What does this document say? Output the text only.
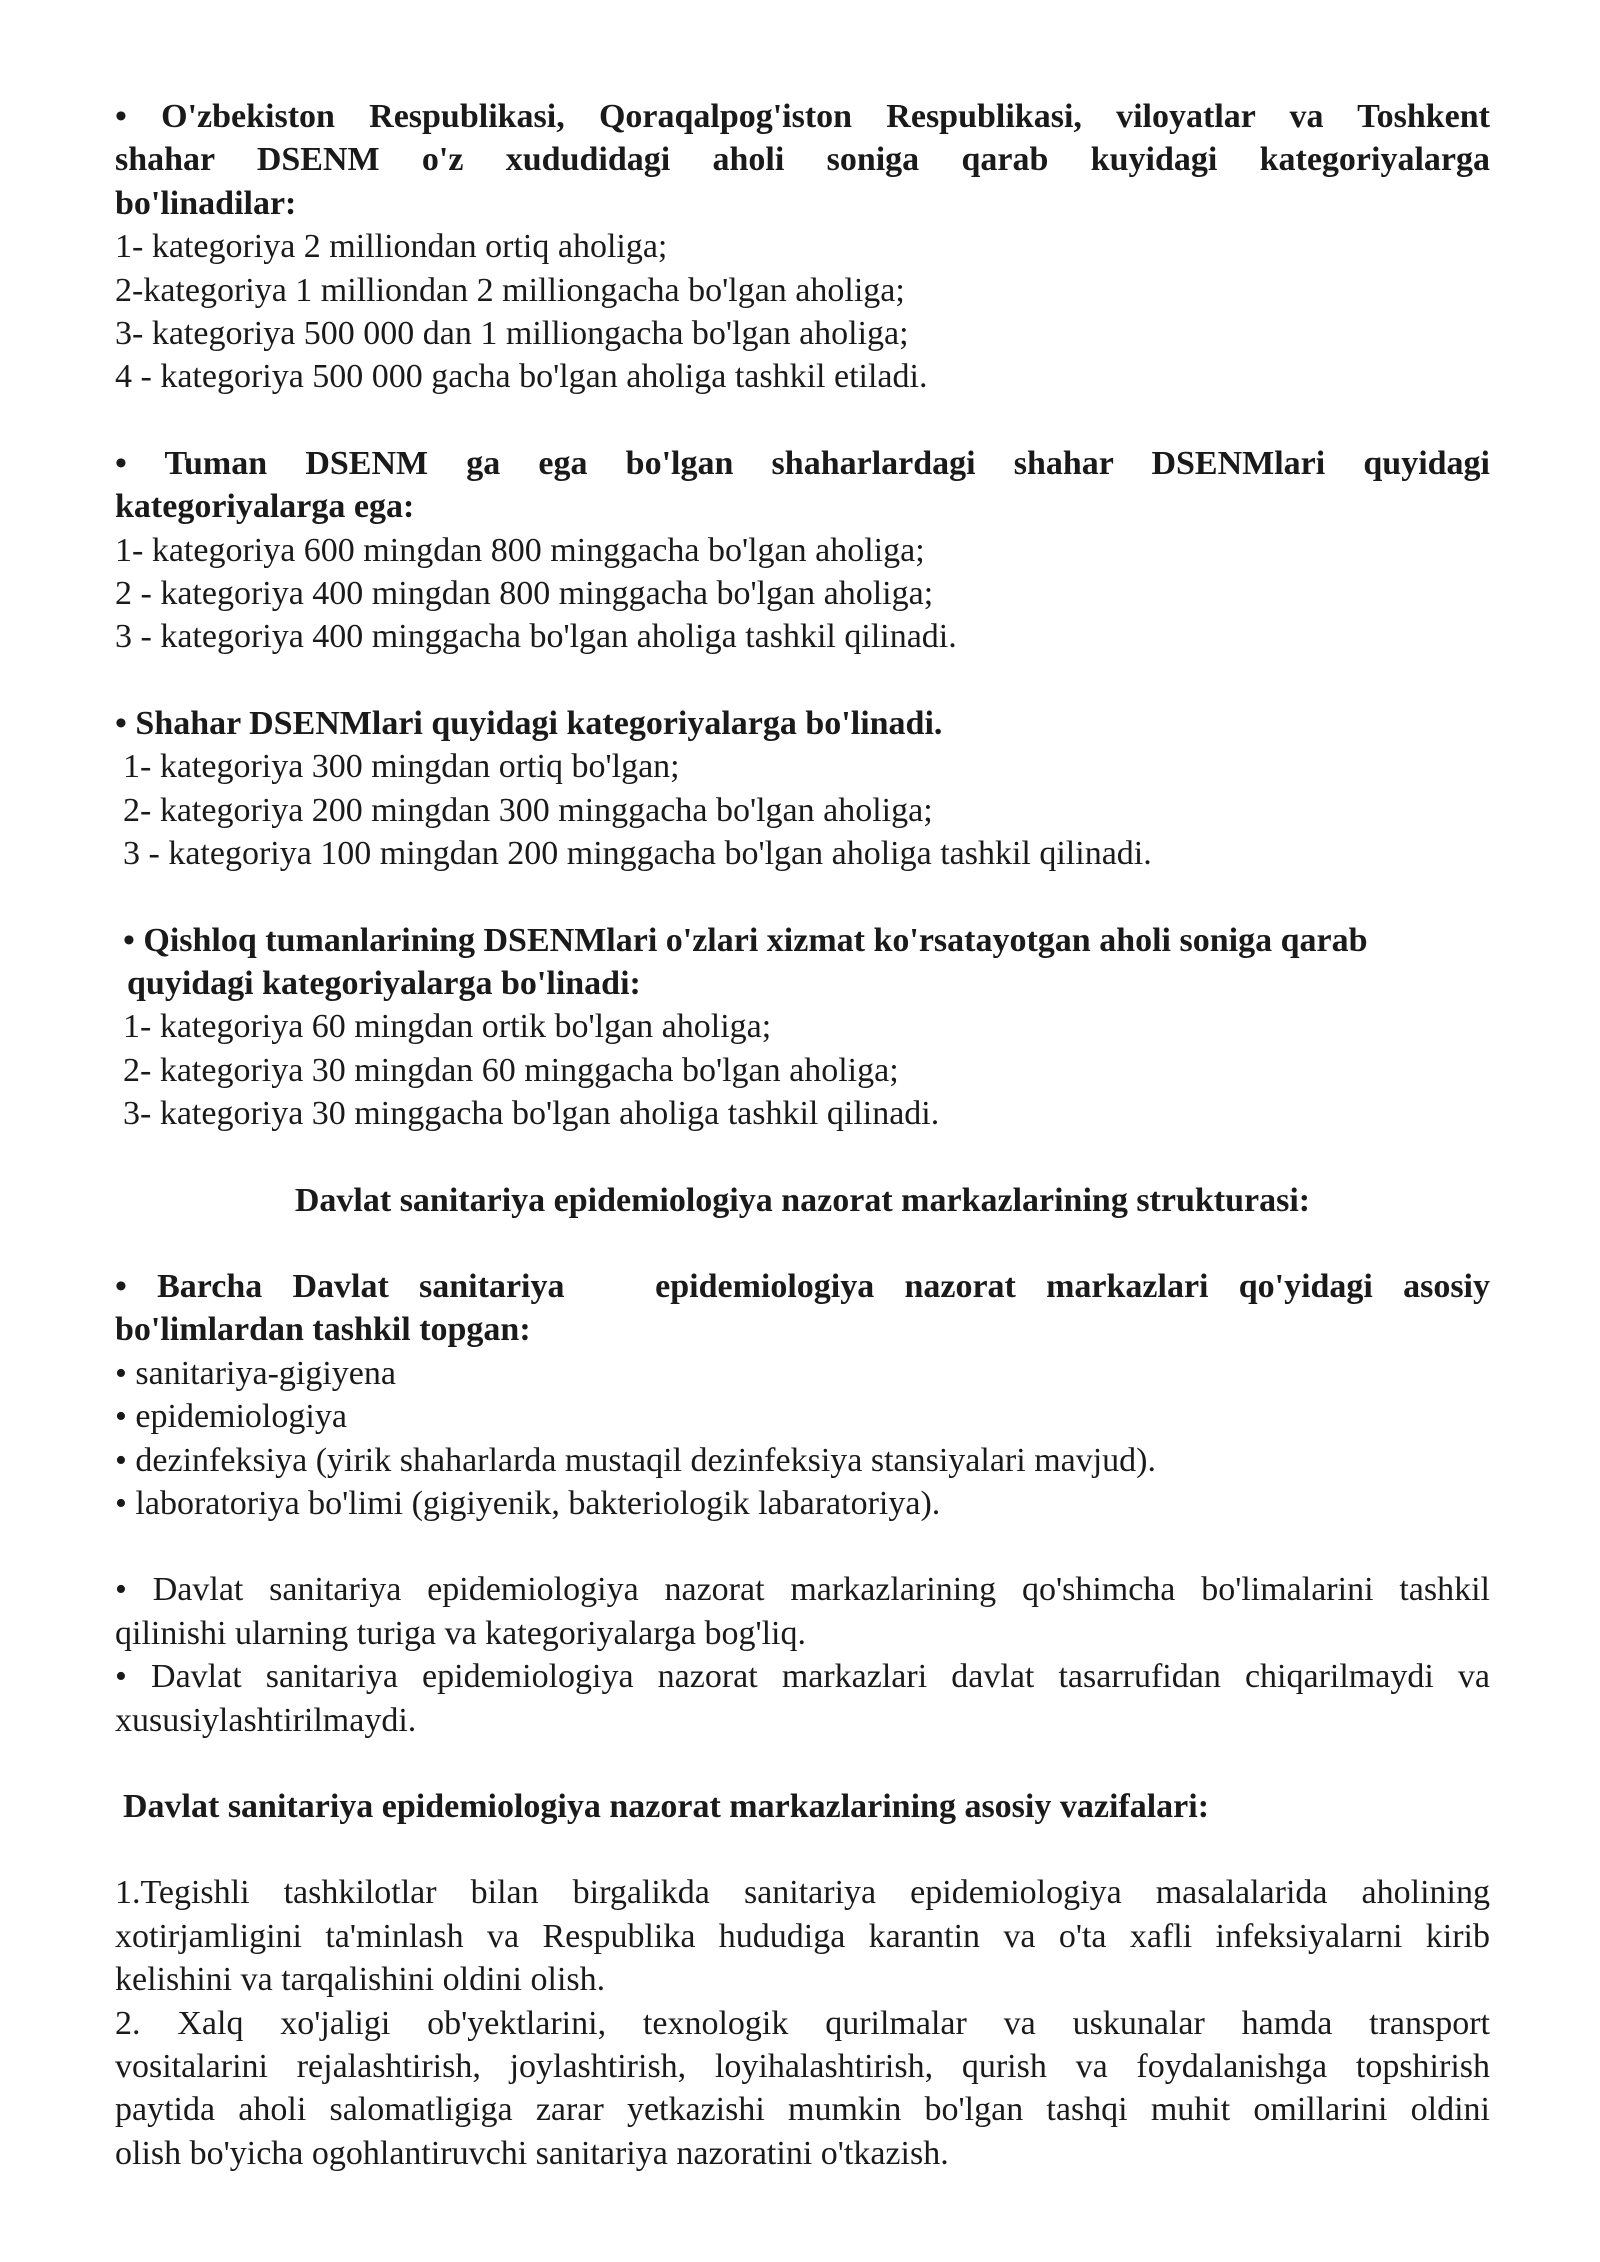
• O'zbekiston Respublikasi, Qoraqalpog'iston Respublikasi, viloyatlar va Toshkent
shahar DSENM o'z xududidagi aholi soniga qarab kuyidagi kategoriyalarga
bo'linadilar:
1- kategoriya 2 milliondan ortiq aholiga;
2-kategoriya 1 milliondan 2 milliongacha bo'lgan aholiga;
3- kategoriya 500 000 dan 1 milliongacha bo'lgan aholiga;
4 - kategoriya 500 000 gacha bo'lgan aholiga tashkil etiladi.
• Tuman DSENM ga ega bo'lgan shaharlardagi shahar DSENMlari quyidagi
kategoriyalarga ega:
1- kategoriya 600 mingdan 800 minggacha bo'lgan aholiga;
2 - kategoriya 400 mingdan 800 minggacha bo'lgan aholiga;
3 - kategoriya 400 minggacha bo'lgan aholiga tashkil qilinadi.
• Shahar DSENMlari quyidagi kategoriyalarga bo'linadi.
1- kategoriya 300 mingdan ortiq bo'lgan;
2- kategoriya 200 mingdan 300 minggacha bo'lgan aholiga;
3 - kategoriya 100 mingdan 200 minggacha bo'lgan aholiga tashkil qilinadi.
• Qishloq tumanlarining DSENMlari o'zlari xizmat ko'rsatayotgan aholi soniga qarab
quyidagi kategoriyalarga bo'linadi:
1- kategoriya 60 mingdan ortik bo'lgan aholiga;
2- kategoriya 30 mingdan 60 minggacha bo'lgan aholiga;
3- kategoriya 30 minggacha bo'lgan aholiga tashkil qilinadi.
Davlat sanitariya epidemiologiya nazorat markazlarining strukturasi:
• Barcha Davlat sanitariya   epidemiologiya nazorat markazlari qo'yidagi asosiy
bo'limlardan tashkil topgan:
• sanitariya-gigiyena
• epidemiologiya
• dezinfeksiya (yirik shaharlarda mustaqil dezinfeksiya stansiyalari mavjud).
• laboratoriya bo'limi (gigiyenik, bakteriologik labaratoriya).
• Davlat sanitariya epidemiologiya nazorat markazlarining qo'shimcha bo'limalarini tashkil
qilinishi ularning turiga va kategoriyalarga bog'liq.
• Davlat sanitariya epidemiologiya nazorat markazlari davlat tasarrufidan chiqarilmaydi va
xususiylashtirilmaydi.
Davlat sanitariya epidemiologiya nazorat markazlarining asosiy vazifalari:
1.Tegishli tashkilotlar bilan birgalikda sanitariya epidemiologiya masalalarida aholining
xotirjamligini ta'minlash va Respublika hududiga karantin va o'ta xafli infeksiyalarni kirib
kelishini va tarqalishini oldini olish.
2. Xalq xo'jaligi ob'yektlarini, texnologik qurilmalar va uskunalar hamda transport
vositalarini rejalashtirish, joylashtirish, loyihalashtirish, qurish va foydalanishga topshirish
paytida aholi salomatligiga zarar yetkazishi mumkin bo'lgan tashqi muhit omillarini oldini
olish bo'yicha ogohlantiruvchi sanitariya nazoratini o'tkazish.
